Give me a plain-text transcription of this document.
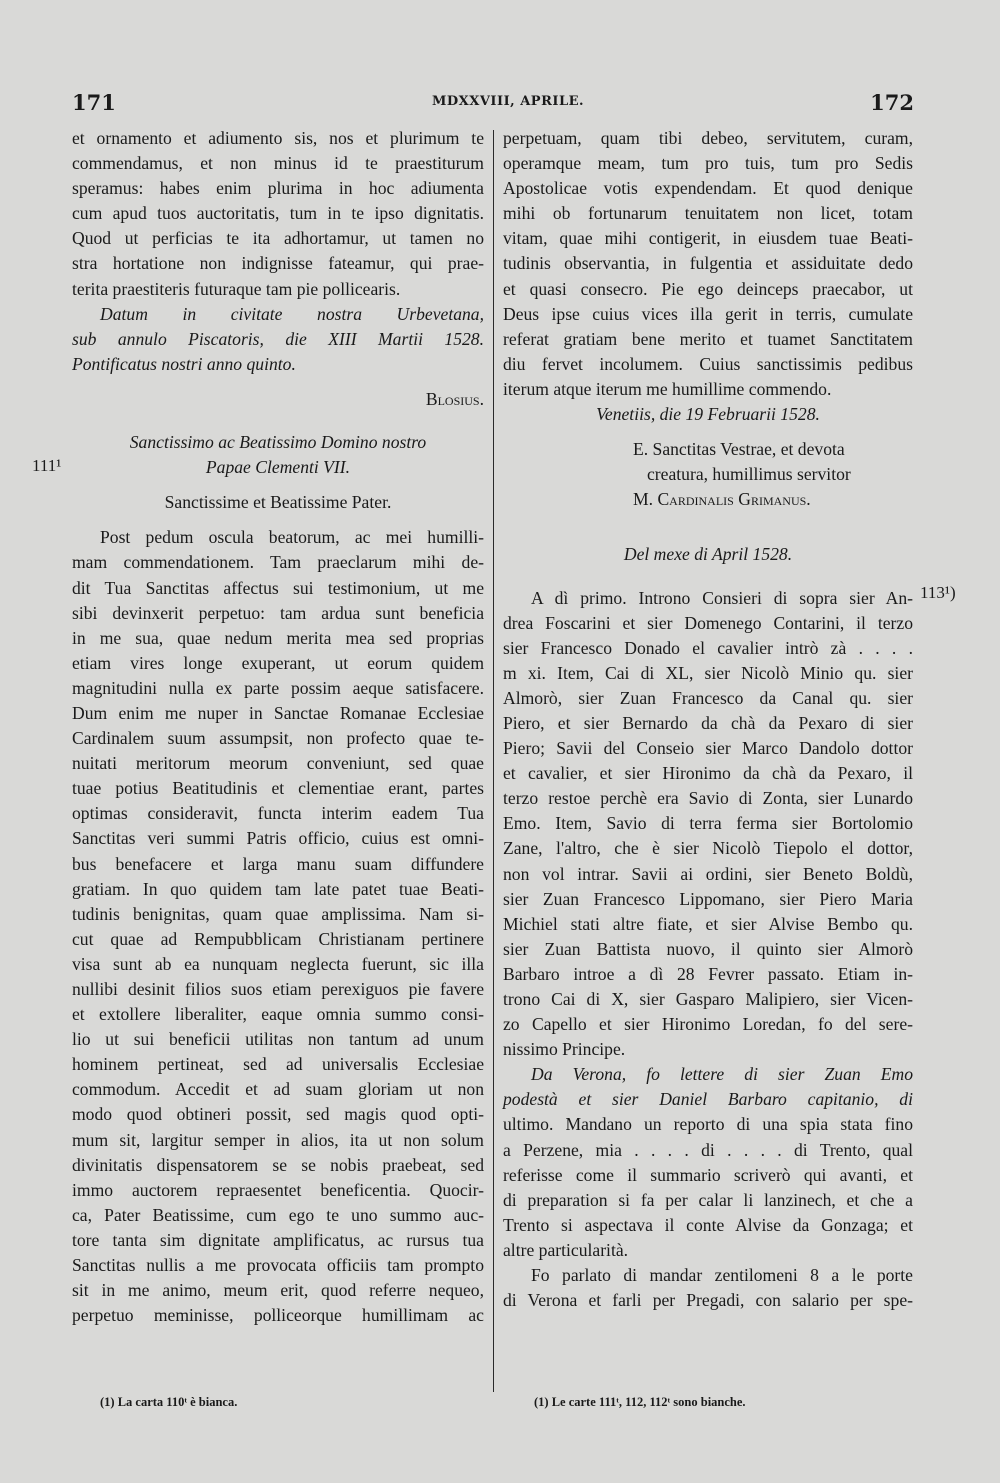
171	MDXXVIII, APRILE.	172
111¹
113¹)

et ornamento et adiumento sis, nos et plurimum te
commendamus, et non minus id te praestiturum
speramus: habes enim plurima in hoc adiumenta
cum apud tuos auctoritatis, tum in te ipso dignitatis.
Quod ut perficias te ita adhortamur, ut tamen no
stra hortatione non indignisse fateamur, qui prae-
terita praestiteris futuraque tam pie pollicearis.

Datum in civitate nostra Urbevetana,
sub annulo Piscatoris, die XIII Martii 1528.
Pontificatus nostri anno quinto.

Blosius.

Sanctissimo ac Beatissimo Domino nostro
Papae Clementi VII.

Sanctissime et Beatissime Pater.

Post pedum oscula beatorum, ac mei humilli-
mam commendationem. Tam praeclarum mihi de-
dit Tua Sanctitas affectus sui testimonium, ut me
sibi devinxerit perpetuo: tam ardua sunt beneficia
in me sua, quae nedum merita mea sed proprias
etiam vires longe exuperant, ut eorum quidem
magnitudini nulla ex parte possim aeque satisfacere.
Dum enim me nuper in Sanctae Romanae Ecclesiae
Cardinalem suum assumpsit, non profecto quae te-
nuitati meritorum meorum conveniunt, sed quae
tuae potius Beatitudinis et clementiae erant, partes
optimas consideravit, functa interim eadem Tua
Sanctitas veri summi Patris officio, cuius est omni-
bus benefacere et larga manu suam diffundere
gratiam. In quo quidem tam late patet tuae Beati-
tudinis benignitas, quam quae amplissima. Nam si-
cut quae ad Rempubblicam Christianam pertinere
visa sunt ab ea nunquam neglecta fuerunt, sic illa
nullibi desinit filios suos etiam perexiguos pie favere
et extollere liberaliter, eaque omnia summo consi-
lio ut sui beneficii utilitas non tantum ad unum
hominem pertineat, sed ad universalis Ecclesiae
commodum. Accedit et ad suam gloriam ut non
modo quod obtineri possit, sed magis quod opti-
mum sit, largitur semper in alios, ita ut non solum
divinitatis dispensatorem se se nobis praebeat, sed
immo auctorem repraesentet beneficentia. Quocir-
ca, Pater Beatissime, cum ego te uno summo auc-
tore tanta sim dignitate amplificatus, ac rursus tua
Sanctitas nullis a me provocata officiis tam prompto
sit in me animo, meum erit, quod referre nequeo,
perpetuo meminisse, polliceorque humillimam ac

perpetuam, quam tibi debeo, servitutem, curam,
operamque meam, tum pro tuis, tum pro Sedis
Apostolicae votis expendendam. Et quod denique
mihi ob fortunarum tenuitatem non licet, totam
vitam, quae mihi contigerit, in eiusdem tuae Beati-
tudinis observantia, in fulgentia et assiduitate dedo
et quasi consecro. Pie ego deinceps praecabor, ut
Deus ipse cuius vices illa gerit in terris, cumulate
referat gratiam bene merito et tuamet Sanctitatem
diu fervet incolumem. Cuius sanctissimis pedibus
iterum atque iterum me humillime commendo.

Venetiis, die 19 Februarii 1528.

E. Sanctitas Vestrae, et devota
creatura, humillimus servitor
M. Cardinalis Grimanus.

Del mexe di April 1528.

A dì primo. Introno Consieri di sopra sier An-
drea Foscarini et sier Domenego Contarini, il terzo
sier Francesco Donado el cavalier intrò zà . . . .
m xi. Item, Cai di XL, sier Nicolò Minio qu. sier
Almorò, sier Zuan Francesco da Canal qu. sier
Piero, et sier Bernardo da chà da Pexaro di sier
Piero; Savii del Conseio sier Marco Dandolo dottor
et cavalier, et sier Hironimo da chà da Pexaro, il
terzo restoe perchè era Savio di Zonta, sier Lunardo
Emo. Item, Savio di terra ferma sier Bortolomio
Zane, l'altro, che è sier Nicolò Tiepolo el dottor,
non vol intrar. Savii ai ordini, sier Beneto Boldù,
sier Zuan Francesco Lippomano, sier Piero Maria
Michiel stati altre fiate, et sier Alvise Bembo qu.
sier Zuan Battista nuovo, il quinto sier Almorò
Barbaro introe a dì 28 Fevrer passato. Etiam in-
trono Cai di X, sier Gasparo Malipiero, sier Vicen-
zo Capello et sier Hironimo Loredan, fo del sere-
nissimo Principe.

Da Verona, fo lettere di sier Zuan Emo
podestà et sier Daniel Barbaro capitanio, di
ultimo. Mandano un reporto di una spia stata fino
a Perzene, mia . . . . di . . . . di Trento, qual
referisse come il summario scriverò qui avanti, et
di preparation si fa per calar li lanzinech, et che a
Trento si aspectava il conte Alvise da Gonzaga; et
altre particularità.

Fo parlato di mandar zentilomeni 8 a le porte
di Verona et farli per Pregadi, con salario per spe-

(1) La carta 110ᵗ è bianca.	(1) Le carte 111ᵗ, 112, 112ᵗ sono bianche.
